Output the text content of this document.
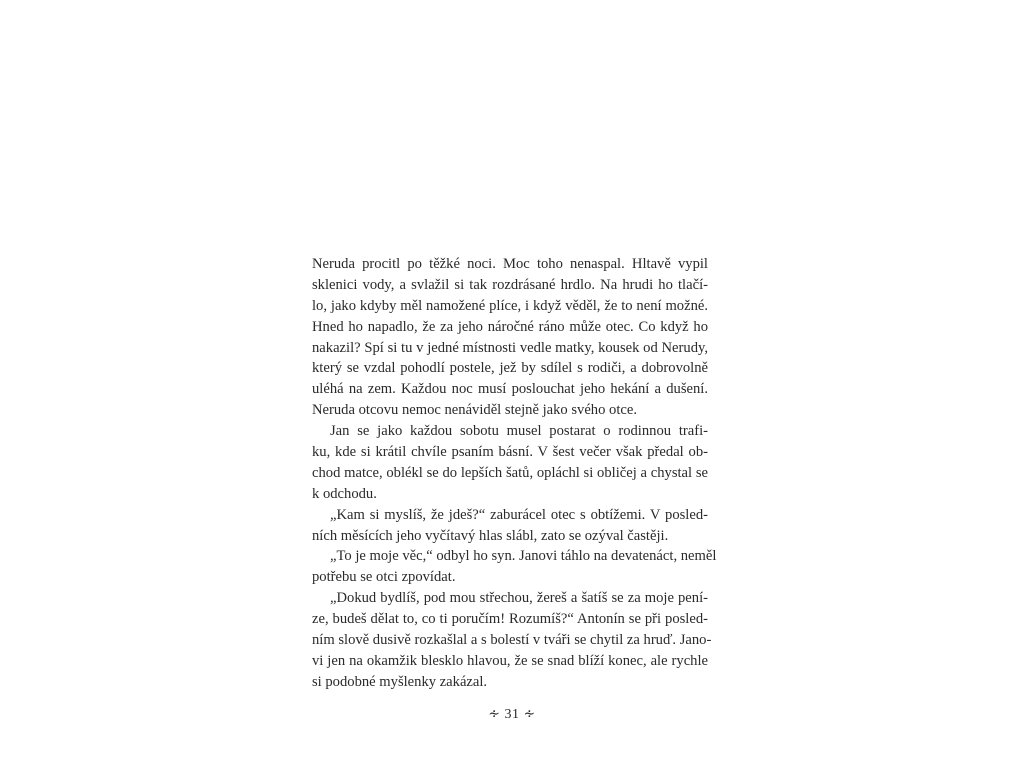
Neruda procitl po těžké noci. Moc toho nenaspal. Hltavě vypil
sklenici vody, a svlažil si tak rozdrásané hrdlo. Na hrudi ho tlačí-
lo, jako kdyby měl namožené plíce, i když věděl, že to není možné.
Hned ho napadlo, že za jeho náročné ráno může otec. Co když ho
nakazil? Spí si tu v jedné místnosti vedle matky, kousek od Nerudy,
který se vzdal pohodlí postele, jež by sdílel s rodiči, a dobrovolně
uléhá na zem. Každou noc musí poslouchat jeho hekání a dušení.
Neruda otcovu nemoc nenáviděl stejně jako svého otce.
Jan se jako každou sobotu musel postarat o rodinnou trafi-
ku, kde si krátil chvíle psaním básní. V šest večer však předal ob-
chod matce, oblékl se do lepších šatů, opláchl si obličej a chystal se
k odchodu.
„Kam si myslíš, že jdeš?“ zaburácel otec s obtížemi. V posled-
ních měsících jeho vyčítavý hlas slábl, zato se ozýval častěji.
„To je moje věc,“ odbyl ho syn. Janovi táhlo na devatenáct, neměl
potřebu se otci zpovídat.
„Dokud bydlíš, pod mou střechou, žereš a šatíš se za moje pení-
ze, budeš dělat to, co ti poručím! Rozumíš?“ Antonín se při posled-
ním slově dusivě rozkašlal a s bolestí v tváři se chytil za hruď. Jano-
vi jen na okamžik blesklo hlavou, že se snad blíží konec, ale rychle
si podobné myšlenky zakázal.
∻ 31 ∻
